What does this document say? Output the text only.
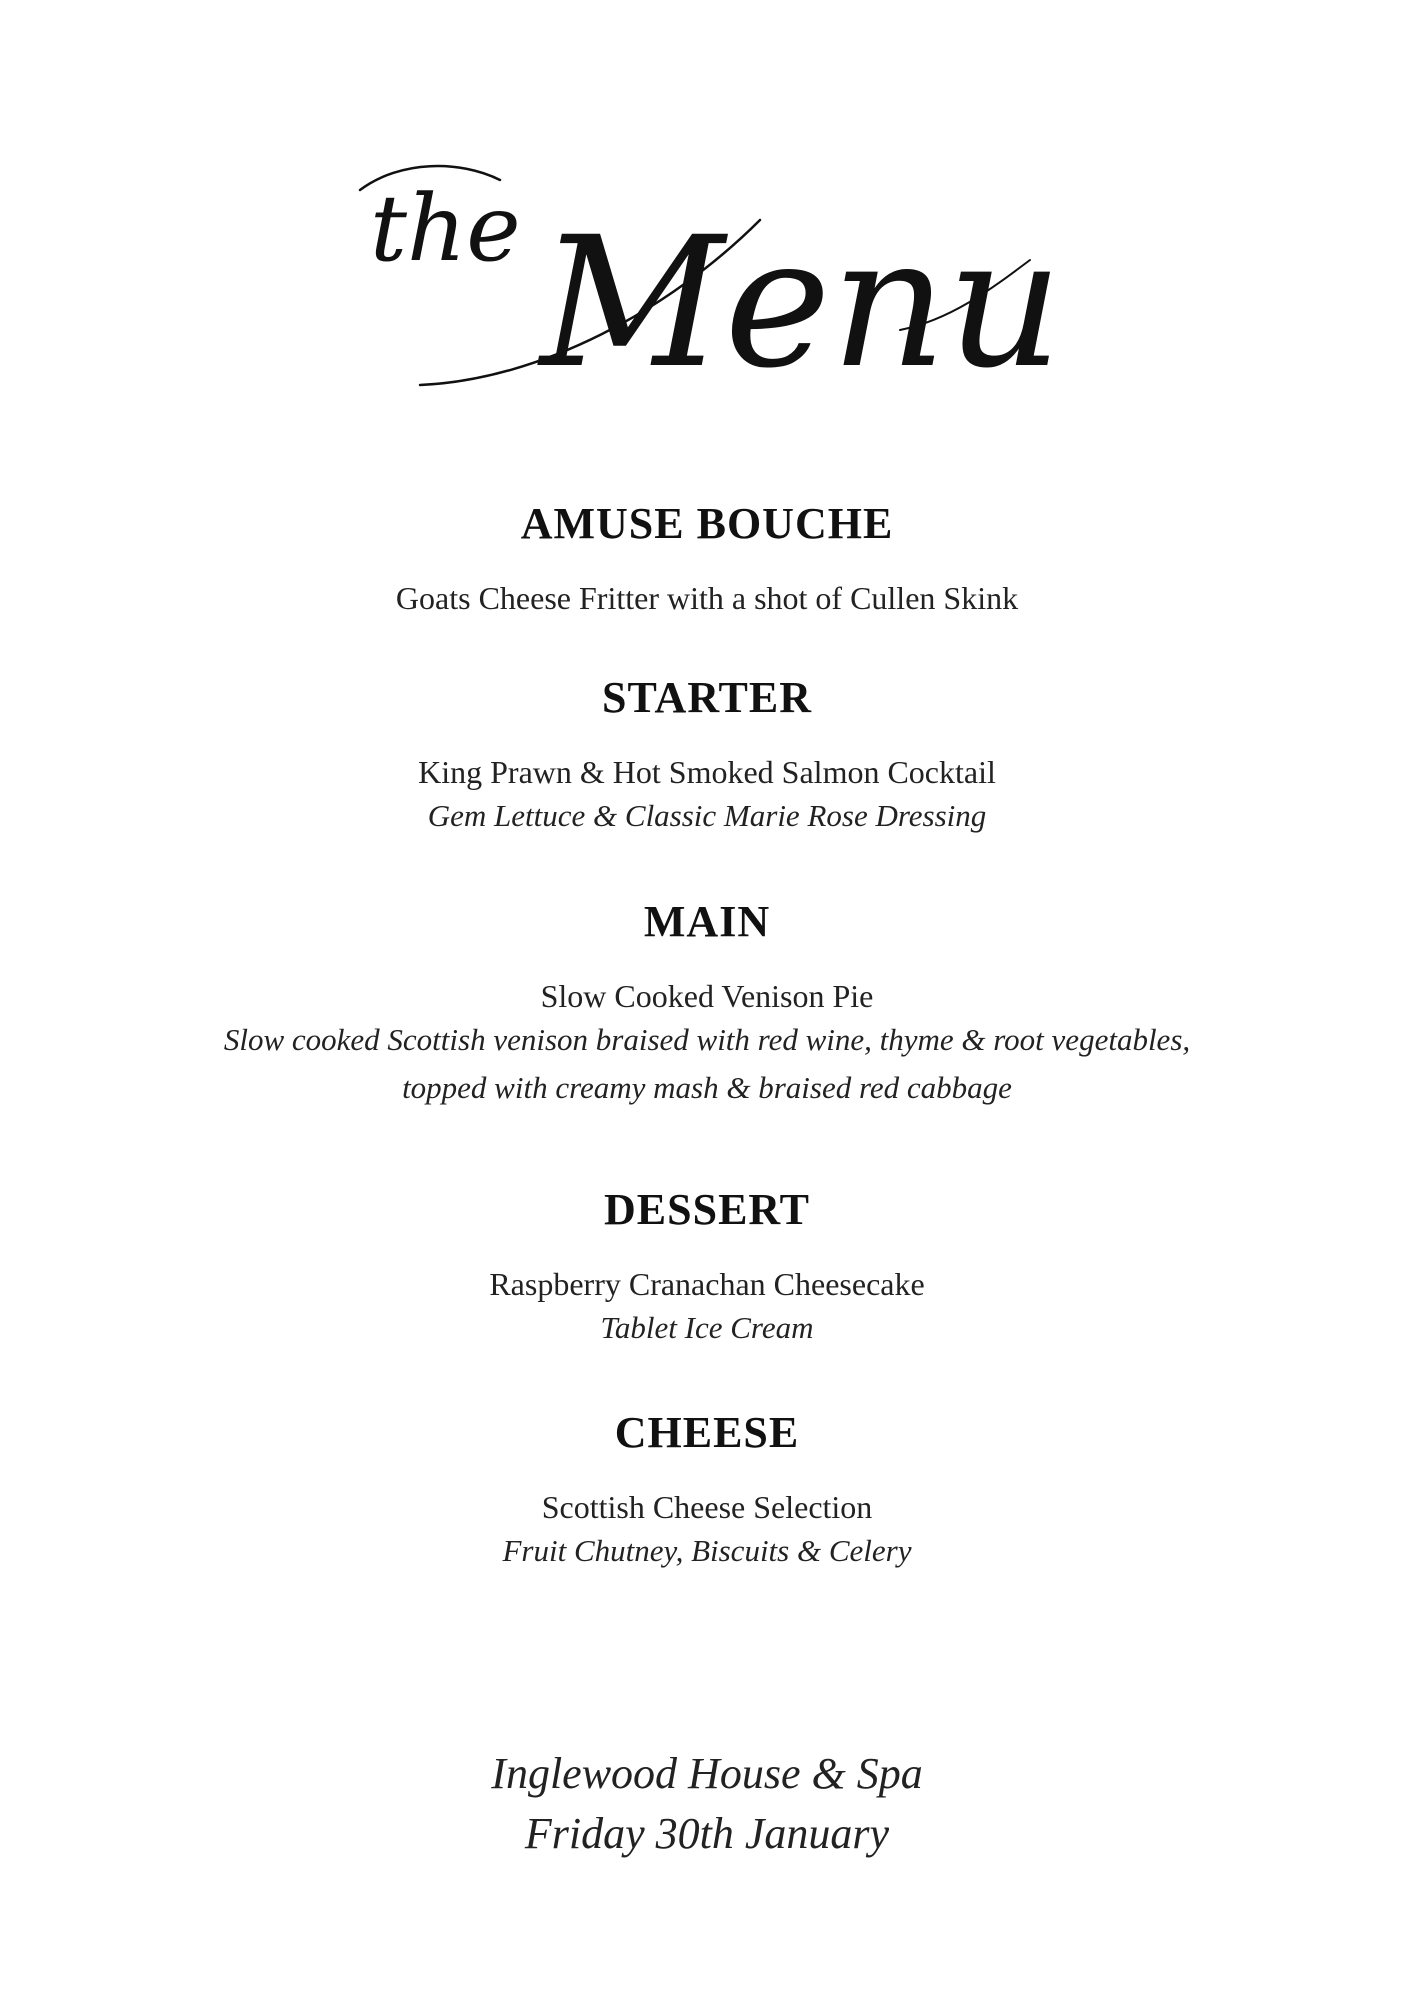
the Menu
AMUSE BOUCHE

Goats Cheese Fritter with a shot of Cullen Skink

STARTER

King Prawn & Hot Smoked Salmon Cocktail

Gem Lettuce & Classic Marie Rose Dressing

MAIN

Slow Cooked Venison Pie

Slow cooked Scottish venison braised with red wine, thyme & root vegetables,

topped with creamy mash & braised red cabbage

DESSERT

Raspberry Cranachan Cheesecake

Tablet Ice Cream

CHEESE

Scottish Cheese Selection

Fruit Chutney, Biscuits & Celery

Inglewood House & Spa

Friday 30th January
